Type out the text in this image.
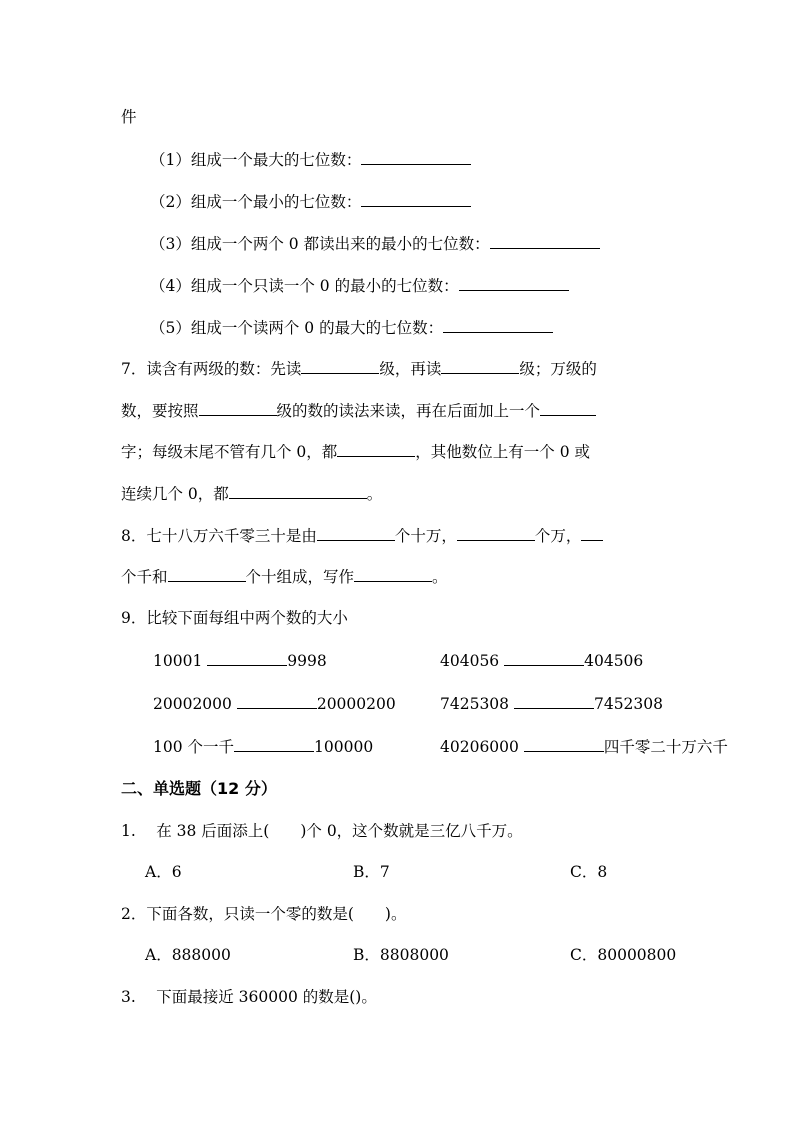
件
（1）组成一个最大的七位数：
（2）组成一个最小的七位数：
（3）组成一个两个 0 都读出来的最小的七位数：
（4）组成一个只读一个 0 的最小的七位数：
（5）组成一个读两个 0 的最大的七位数：
7．读含有两级的数：先读	级，再读	级；万级的
数，要按照	级的数的读法来读，再在后面加上一个
字；每级末尾不管有几个 0，都	，其他数位上有一个 0 或
连续几个 0，都	。
8．七十八万六千零三十是由	个十万，	个万，
个千和	个十组成，写作	。
9．比较下面每组中两个数的大小
10001	9998	404056	404506
20002000	20000200	7425308	7452308
100 个一千	100000	40206000	四千零二十万六千
二、单选题（12 分）
1.　 在 38 后面添上(　　)个 0，这个数就是三亿八千万。
A．6	B．7	C．8
2．下面各数，只读一个零的数是(　　)。
A．888000	B．8808000	C．80000800
3.　 下面最接近 360000 的数是()。
